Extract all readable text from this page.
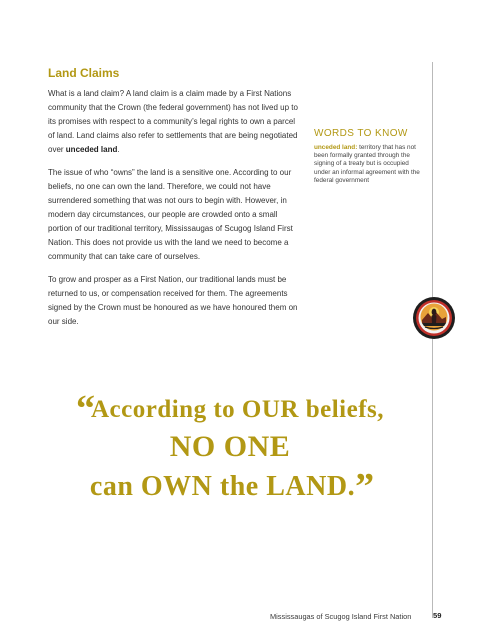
Land Claims

What is a land claim? A land claim is a claim made by a First Nations community that the Crown (the federal government) has not lived up to its promises with respect to a community’s legal rights to own a parcel of land. Land claims also refer to settlements that are being negotiated over unceded land.

The issue of who “owns” the land is a sensitive one. According to our beliefs, no one can own the land. Therefore, we could not have surrendered something that was not ours to begin with. However, in modern day circumstances, our people are crowded onto a small portion of our traditional territory, Mississaugas of Scugog Island First Nation. This does not provide us with the land we need to become a community that can take care of ourselves.

To grow and prosper as a First Nation, our traditional lands must be returned to us, or compensation received for them. The agreements signed by the Crown must be honoured as we have honoured them on our side.

WORDS TO KNOW

unceded land: territory that has not been formally granted through the signing of a treaty but is occupied under an informal agreement with the federal government

“According to OUR beliefs,
NO ONE
can OWN the LAND.”
Mississaugas of Scugog Island First Nation	59
